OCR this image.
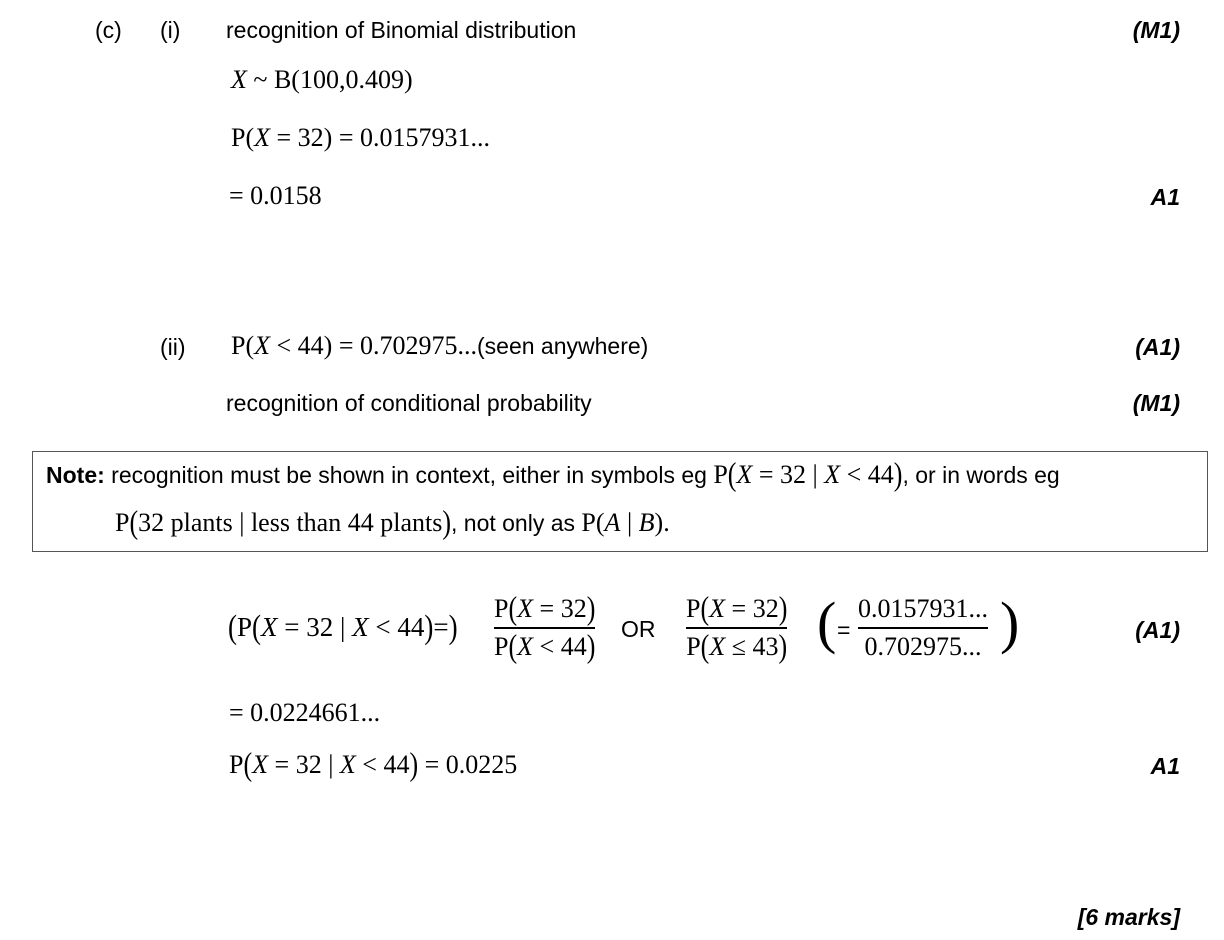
(c) (i) recognition of Binomial distribution	(M1)
X ~ B(100,0.409)
P(X = 32) = 0.0157931...
= 0.0158	A1
(ii) P(X < 44) = 0.702975...(seen anywhere)	(A1)
recognition of conditional probability	(M1)
Note: recognition must be shown in context, either in symbols eg P(X = 32 | X < 44), or in words eg
P(32 plants | less than 44 plants), not only as P(A | B).
(P(X = 32 | X < 44)=) P(X = 32)
P(X < 44) OR
P(X = 32)
P(X ≤ 43) ( =
0.0157931...
0.702975... )	(A1)
= 0.0224661...
P(X = 32 | X < 44) = 0.0225	A1
[6 marks]
